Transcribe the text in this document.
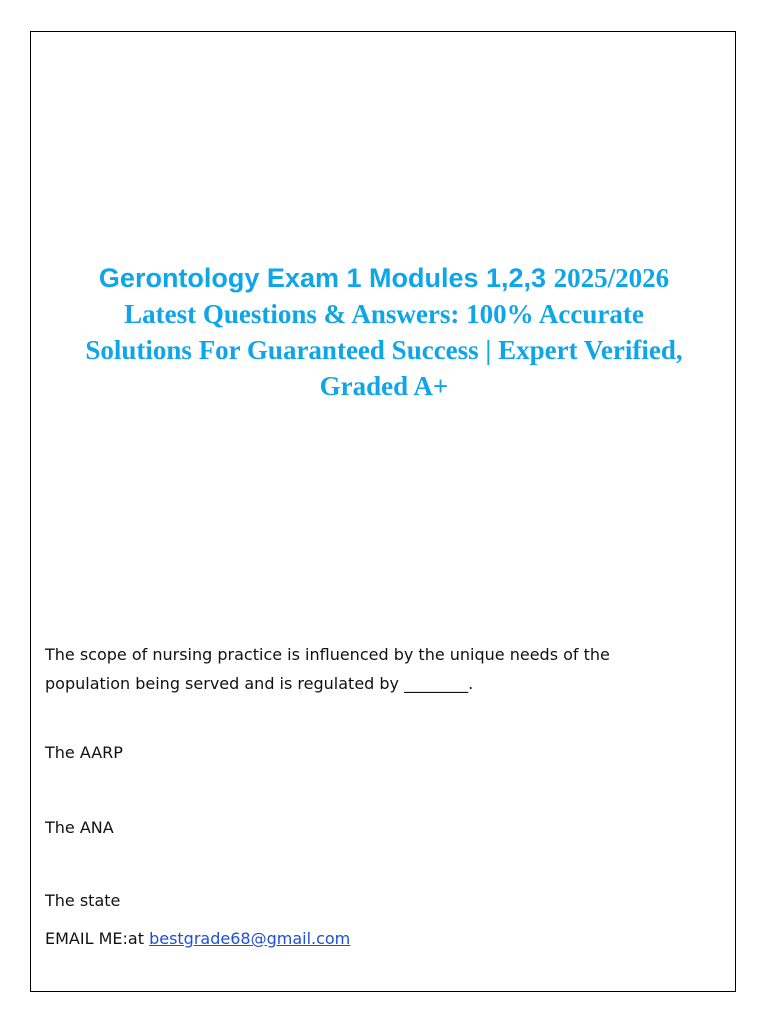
Gerontology Exam 1 Modules 1,2,3 2025/2026
Latest Questions & Answers: 100% Accurate
Solutions For Guaranteed Success | Expert Verified,
Graded A+
The scope of nursing practice is influenced by the unique needs of the
population being served and is regulated by ________.
The AARP
The ANA
The state
EMAIL ME:at bestgrade68@gmail.com
